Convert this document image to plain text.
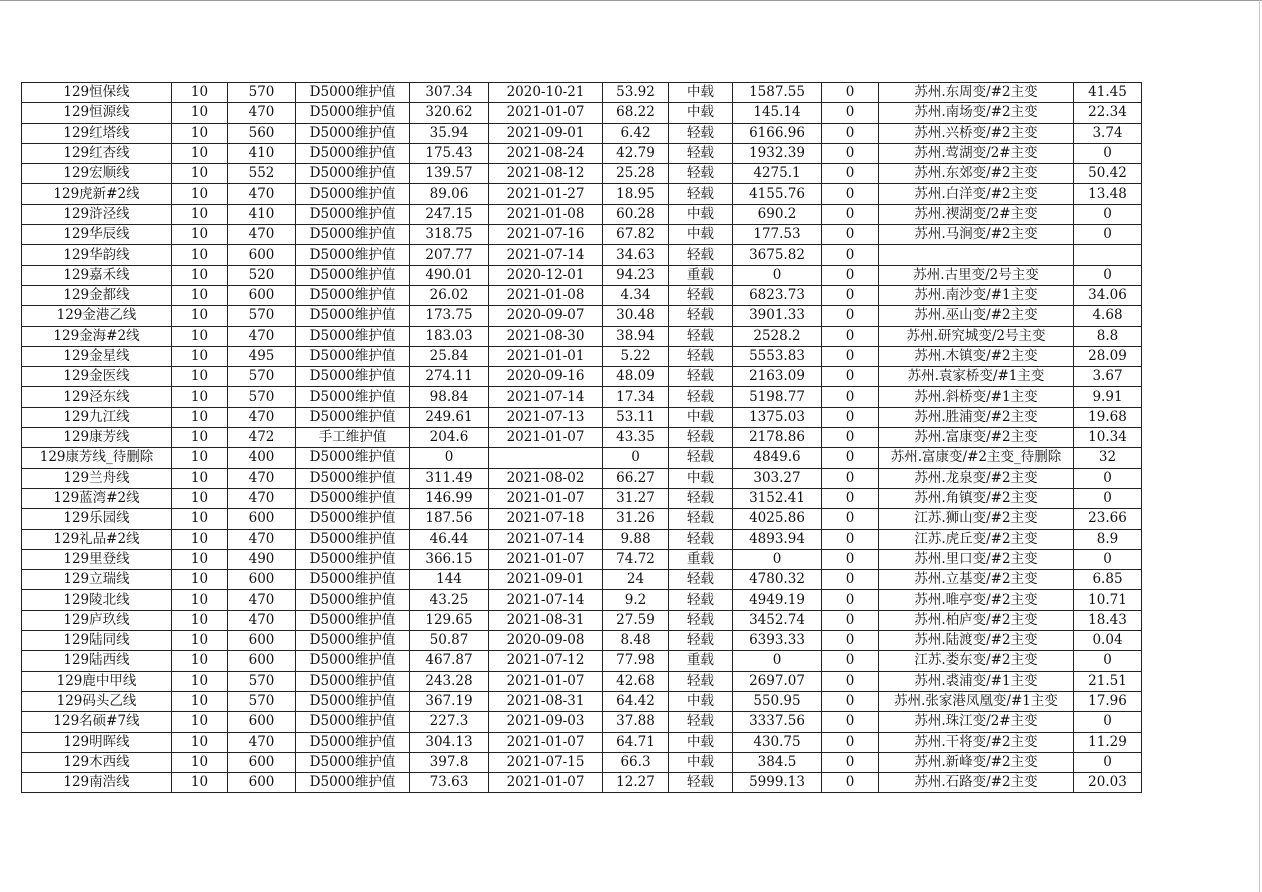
129恒保线	10	570	D5000维护值	307.34	2020-10-21	53.92	中载	1587.55	0	苏州.东周变/#2主变	41.45
129恒源线	10	470	D5000维护值	320.62	2021-01-07	68.22	中载	145.14	0	苏州.南场变/#2主变	22.34
129红塔线	10	560	D5000维护值	35.94	2021-09-01	6.42	轻载	6166.96	0	苏州.兴桥变/#2主变	3.74
129红杏线	10	410	D5000维护值	175.43	2021-08-24	42.79	轻载	1932.39	0	苏州.莺湖变/2#主变	0
129宏顺线	10	552	D5000维护值	139.57	2021-08-12	25.28	轻载	4275.1	0	苏州.东郊变/#2主变	50.42
129虎新#2线	10	470	D5000维护值	89.06	2021-01-27	18.95	轻载	4155.76	0	苏州.白洋变/#2主变	13.48
129浒泾线	10	410	D5000维护值	247.15	2021-01-08	60.28	中载	690.2	0	苏州.禊湖变/2#主变	0
129华辰线	10	470	D5000维护值	318.75	2021-07-16	67.82	中载	177.53	0	苏州.马涧变/#2主变	0
129华韵线	10	600	D5000维护值	207.77	2021-07-14	34.63	轻载	3675.82	0		
129嘉禾线	10	520	D5000维护值	490.01	2020-12-01	94.23	重载	0	0	苏州.古里变/2号主变	0
129金都线	10	600	D5000维护值	26.02	2021-01-08	4.34	轻载	6823.73	0	苏州.南沙变/#1主变	34.06
129金港乙线	10	570	D5000维护值	173.75	2020-09-07	30.48	轻载	3901.33	0	苏州.巫山变/#2主变	4.68
129金海#2线	10	470	D5000维护值	183.03	2021-08-30	38.94	轻载	2528.2	0	苏州.研究城变/2号主变	8.8
129金星线	10	495	D5000维护值	25.84	2021-01-01	5.22	轻载	5553.83	0	苏州.木镇变/#2主变	28.09
129金医线	10	570	D5000维护值	274.11	2020-09-16	48.09	轻载	2163.09	0	苏州.袁家桥变/#1主变	3.67
129泾东线	10	570	D5000维护值	98.84	2021-07-14	17.34	轻载	5198.77	0	苏州.斜桥变/#1主变	9.91
129九江线	10	470	D5000维护值	249.61	2021-07-13	53.11	中载	1375.03	0	苏州.胜浦变/#2主变	19.68
129康芳线	10	472	手工维护值	204.6	2021-01-07	43.35	轻载	2178.86	0	苏州.富康变/#2主变	10.34
129康芳线_待删除	10	400	D5000维护值	0		0	轻载	4849.6	0	苏州.富康变/#2主变_待删除	32
129兰舟线	10	470	D5000维护值	311.49	2021-08-02	66.27	中载	303.27	0	苏州.龙泉变/#2主变	0
129蓝湾#2线	10	470	D5000维护值	146.99	2021-01-07	31.27	轻载	3152.41	0	苏州.角镇变/#2主变	0
129乐园线	10	600	D5000维护值	187.56	2021-07-18	31.26	轻载	4025.86	0	江苏.狮山变/#2主变	23.66
129礼品#2线	10	470	D5000维护值	46.44	2021-07-14	9.88	轻载	4893.94	0	江苏.虎丘变/#2主变	8.9
129里登线	10	490	D5000维护值	366.15	2021-01-07	74.72	重载	0	0	苏州.里口变/#2主变	0
129立瑞线	10	600	D5000维护值	144	2021-09-01	24	轻载	4780.32	0	苏州.立基变/#2主变	6.85
129陵北线	10	470	D5000维护值	43.25	2021-07-14	9.2	轻载	4949.19	0	苏州.唯亭变/#2主变	10.71
129庐玖线	10	470	D5000维护值	129.65	2021-08-31	27.59	轻载	3452.74	0	苏州.柏庐变/#2主变	18.43
129陆同线	10	600	D5000维护值	50.87	2020-09-08	8.48	轻载	6393.33	0	苏州.陆渡变/#2主变	0.04
129陆西线	10	600	D5000维护值	467.87	2021-07-12	77.98	重载	0	0	江苏.娄东变/#2主变	0
129鹿中甲线	10	570	D5000维护值	243.28	2021-01-07	42.68	轻载	2697.07	0	苏州.裘浦变/#1主变	21.51
129码头乙线	10	570	D5000维护值	367.19	2021-08-31	64.42	中载	550.95	0	苏州.张家港凤凰变/#1主变	17.96
129名硕#7线	10	600	D5000维护值	227.3	2021-09-03	37.88	轻载	3337.56	0	苏州.珠江变/2#主变	0
129明晖线	10	470	D5000维护值	304.13	2021-01-07	64.71	中载	430.75	0	苏州.干将变/#2主变	11.29
129木西线	10	600	D5000维护值	397.8	2021-07-15	66.3	中载	384.5	0	苏州.新峰变/#2主变	0
129南浩线	10	600	D5000维护值	73.63	2021-01-07	12.27	轻载	5999.13	0	苏州.石路变/#2主变	20.03
